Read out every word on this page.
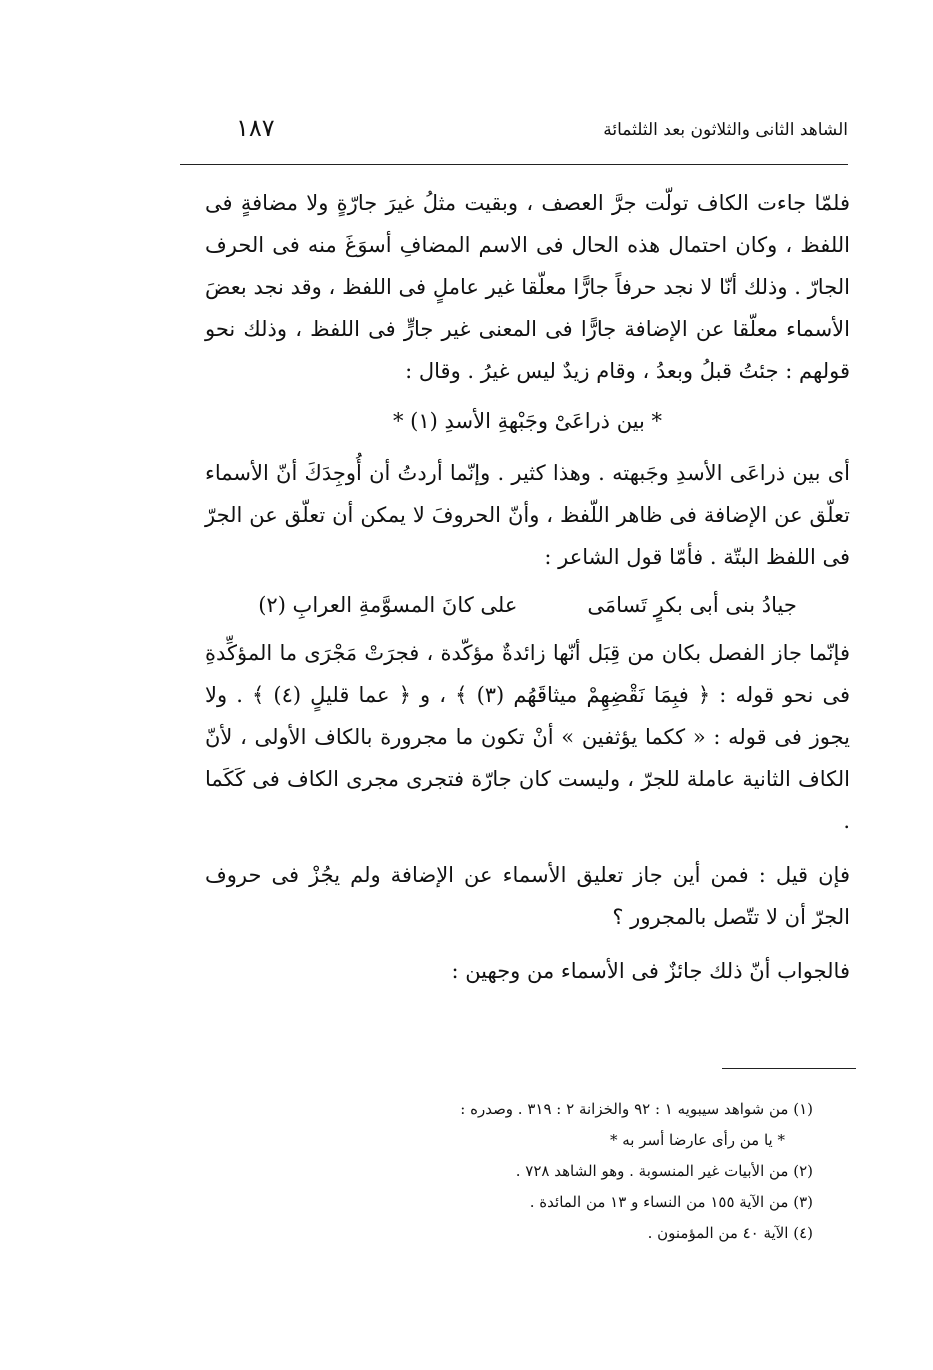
الشاهد الثانى والثلاثون بعد الثلثمائة
١٨٧

فلمّا جاءت الكاف تولّت جرَّ العصف ، وبقيت مثلُ غيرَ جارّةٍ ولا مضافةٍ فى اللفظ ، وكان احتمال هذه الحال فى الاسم المضافِ أسوَغَ منه فى الحرف الجارّ . وذلك أنّا لا نجد حرفاً جارًّا معلّقا غير عاملٍ فى اللفظ ، وقد نجد بعضَ الأسماء معلّقا عن الإضافة جارًّا فى المعنى غير جارٍّ فى اللفظ ، وذلك نحو قولهم : جئتُ قبلُ وبعدُ ، وقام زيدٌ ليس غيرُ . وقال :

* بين ذراعَىْ وجَبْهةِ الأسدِ (١) *

أى بين ذراعَى الأسدِ وجَبهته . وهذا كثير . وإنّما أردتُ أن أُوجِدَكَ أنّ الأسماء تعلّق عن الإضافة فى ظاهر اللّفظ ، وأنّ الحروفَ لا يمكن أن تعلّق عن الجرّ فى اللفظ البتّة . فأمّا قول الشاعر :

جيادُ بنى أبى بكرٍ تَسامَى
على كانَ المسوَّمةِ العرابِ (٢)

فإنّما جاز الفصل بكان من قِبَل أنّها زائدةٌ مؤكّدة ، فجرَتْ مَجْرَى ما المؤكِّدةِ فى نحو قوله : ﴿ فبِمَا نَقْضِهِمْ ميثاقَهُم (٣) ﴾ ، و ﴿ عما قليلٍ (٤) ﴾ . ولا يجوز فى قوله : « ككما يؤثفين » أنْ تكون ما مجرورة بالكاف الأولى ، لأنّ الكاف الثانية عاملة للجرّ ، وليست كان جارّة فتجرى مجرى الكاف فى كَكَما .

فإن قيل : فمن أين جاز تعليق الأسماء عن الإضافة ولم يجُزْ فى حروف الجرّ أن لا تتّصل بالمجرور ؟

فالجواب أنّ ذلك جائزٌ فى الأسماء من وجهين :

(١) من شواهد سيبويه ١ : ٩٢ والخزانة ٢ : ٣١٩ . وصدره :
* يا من رأى عارضا أسر به *
(٢) من الأبيات غير المنسوبة . وهو الشاهد ٧٢٨ .
(٣) من الآية ١٥٥ من النساء و ١٣ من المائدة .
(٤) الآية ٤٠ من المؤمنون .
